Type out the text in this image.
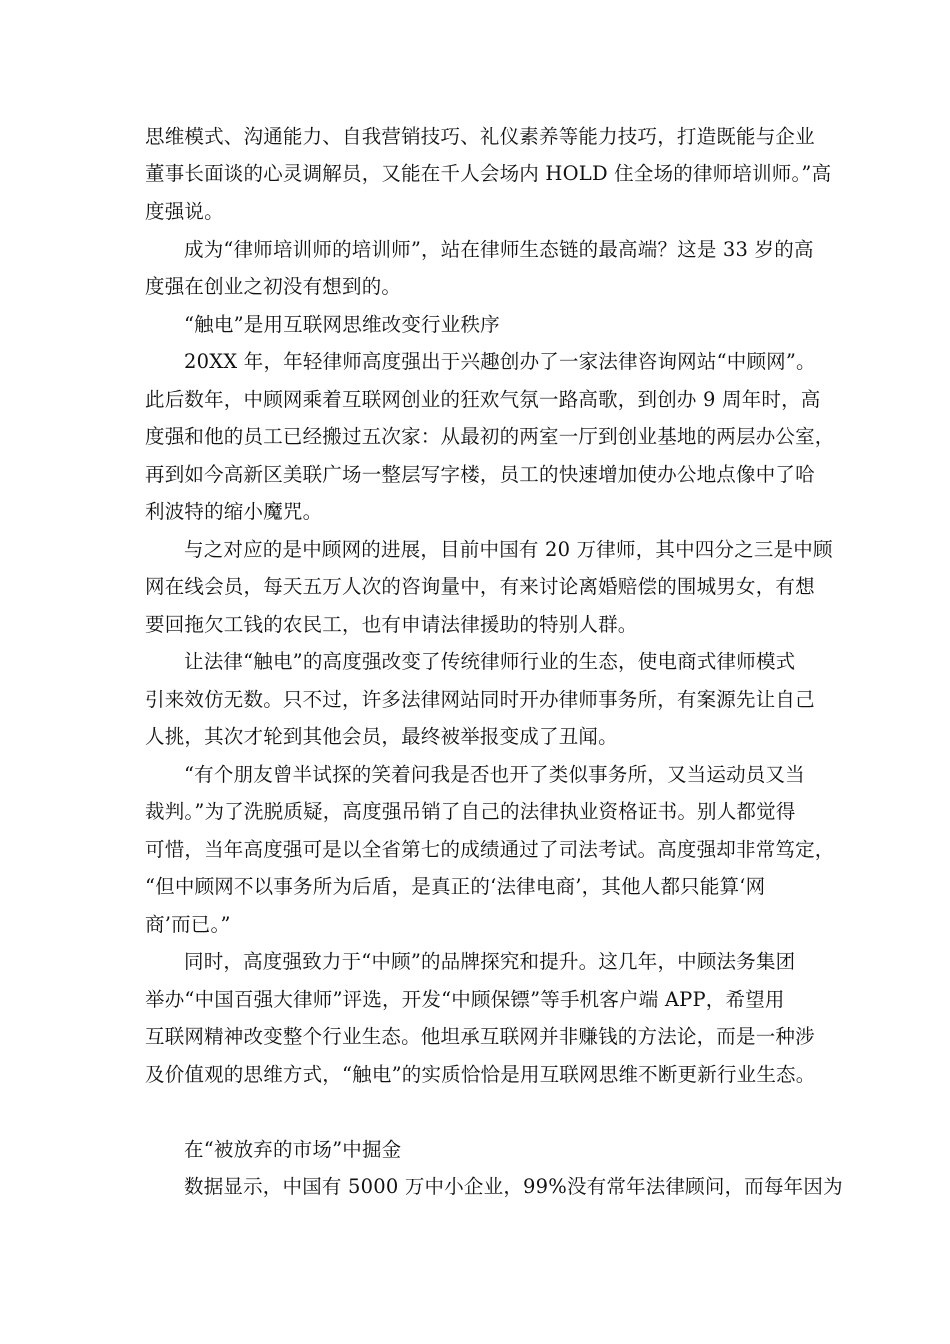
思维模式、沟通能力、自我营销技巧、礼仪素养等能力技巧，打造既能与企业
董事长面谈的心灵调解员，又能在千人会场内 HOLD 住全场的律师培训师。”高
度强说。
成为“律师培训师的培训师”，站在律师生态链的最高端？这是 33 岁的高
度强在创业之初没有想到的。
“触电”是用互联网思维改变行业秩序
20XX 年，年轻律师高度强出于兴趣创办了一家法律咨询网站“中顾网”。
此后数年，中顾网乘着互联网创业的狂欢气氛一路高歌，到创办 9 周年时，高
度强和他的员工已经搬过五次家：从最初的两室一厅到创业基地的两层办公室，
再到如今高新区美联广场一整层写字楼，员工的快速增加使办公地点像中了哈
利波特的缩小魔咒。
与之对应的是中顾网的进展，目前中国有 20 万律师，其中四分之三是中顾
网在线会员，每天五万人次的咨询量中，有来讨论离婚赔偿的围城男女，有想
要回拖欠工钱的农民工，也有申请法律援助的特别人群。
让法律“触电”的高度强改变了传统律师行业的生态，使电商式律师模式
引来效仿无数。只不过，许多法律网站同时开办律师事务所，有案源先让自己
人挑，其次才轮到其他会员，最终被举报变成了丑闻。
“有个朋友曾半试探的笑着问我是否也开了类似事务所，又当运动员又当
裁判。”为了洗脱质疑，高度强吊销了自己的法律执业资格证书。别人都觉得
可惜，当年高度强可是以全省第七的成绩通过了司法考试。高度强却非常笃定，
“但中顾网不以事务所为后盾，是真正的‘法律电商’，其他人都只能算‘网
商’而已。”
同时，高度强致力于“中顾”的品牌探究和提升。这几年，中顾法务集团
举办“中国百强大律师”评选，开发“中顾保镖”等手机客户端 APP，希望用
互联网精神改变整个行业生态。他坦承互联网并非赚钱的方法论，而是一种涉
及价值观的思维方式，“触电”的实质恰恰是用互联网思维不断更新行业生态。
在“被放弃的市场”中掘金
数据显示，中国有 5000 万中小企业，99%没有常年法律顾问，而每年因为
